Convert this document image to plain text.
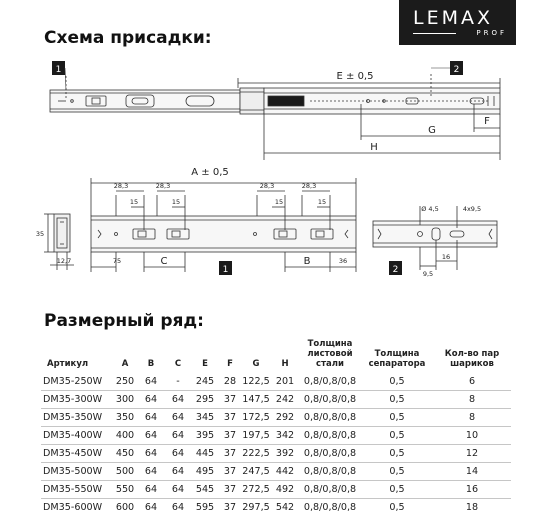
Схема присадки:
LEMAX
PROF
1	2
1	2
E ± 0,5
G
F
H
A ± 0,5
C	B
28,3	28,3	28,3	28,3
15	15	15	15
35
12,7	75	36
Ø 4,5	4x9,5
9,5
16
Размерный ряд:
Артикул	A	B	C	E	F	G	H	Толщина листовой стали	Толщина сепаратора	Кол-во пар шариков
DM35-250W	250	64	-	245	28	122,5	201	0,8/0,8/0,8	0,5	6
DM35-300W	300	64	64	295	37	147,5	242	0,8/0,8/0,8	0,5	8
DM35-350W	350	64	64	345	37	172,5	292	0,8/0,8/0,8	0,5	8
DM35-400W	400	64	64	395	37	197,5	342	0,8/0,8/0,8	0,5	10
DM35-450W	450	64	64	445	37	222,5	392	0,8/0,8/0,8	0,5	12
DM35-500W	500	64	64	495	37	247,5	442	0,8/0,8/0,8	0,5	14
DM35-550W	550	64	64	545	37	272,5	492	0,8/0,8/0,8	0,5	16
DM35-600W	600	64	64	595	37	297,5	542	0,8/0,8/0,8	0,5	18
